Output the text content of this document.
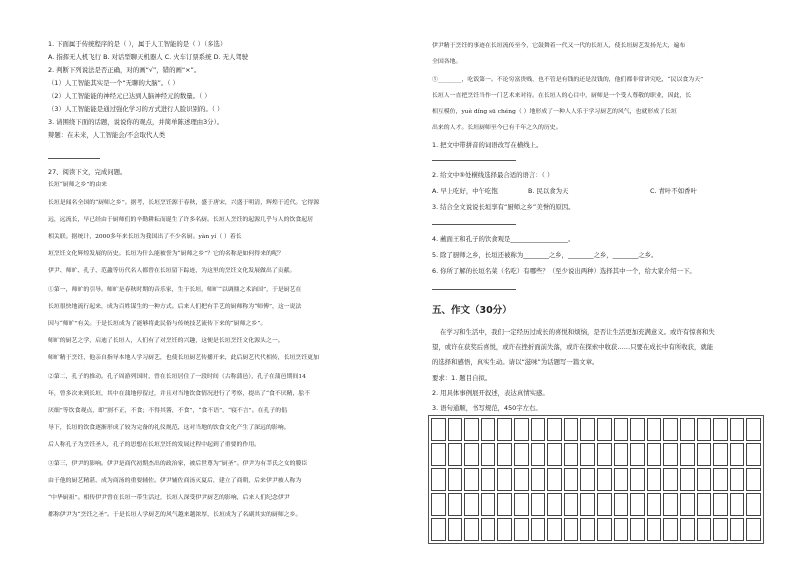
1. 下面属于传统程序的是（ ），属于人工智能的是（ ）（多选）
A. 指挥无人机飞行 B. 对话型聊天机器人 C. 火车订票系统 D. 无人驾驶
2. 判断下列说法是否正确，对的画“√”，错的画“×”。
（1）人工智能其实是一个“无聊的大脑”。（ ）
（2）人工智能能的神经元已达到人脑神经元的数量。（ ）
（3）人工智能能是通过强化学习的方式进行人脸识别的。（ ）
3. 请围绕下面的话题，说说你的观点，并简单陈述理由3分）。
辩题：在未来，人工智能会/不会取代人类
27、阅读下文，完成问题。
长垣“厨师之乡”的由来
长垣是闻名全国的“厨师之乡”。据考，长垣烹饪源于春秋，盛于唐宋，兴盛于明清，辉煌于近代。它得源
远，远流长，早已经由于厨师们的辛勤耕耘而诞生了许多名厨。长垣人烹饪的起源几乎与人的饮食起居
相关联。据统计，2000多年来长垣为我国出了不少名厨。yàn yí（ ）着长
垣烹饪文化辉煌发展的历史。长垣为什么能被誉为“厨师之乡”？它的名称是如何得来的呢？
伊尹、师旷、孔子、范蠡等历代名人都曾在长垣留下踪迹，为这里的烹饪文化发展做出了贡献。
①第一，师旷的引导。师旷是春秋时期的音乐家，生于长垣，师旷“以调鼎之术治国”，于是厨艺在
长垣很快地流行起来，成为百姓谋生的一种方式。后来人们把有手艺的厨师称为“师傅”，这一说法
因与“师旷”有关。于是长垣成为了能够将此民俗与传统技艺流传下来的“厨师之乡”。
师旷的厨艺之学，启迪了长垣人，人们有了对烹饪的兴趣，这便是长垣烹饪文化源头之一。
师旷精于烹饪，他亲自指导本地人学习厨艺，也使长垣厨艺传播开来，此后厨艺代代相传，长垣烹饪更加
②第二，孔子的推动。孔子周游列国时，曾在长垣居住了一段时间（古称蒲邑），孔子在蒲邑期间14
年，曾多次来到长垣，其中在蒲地停留过，并且对当地饮食情况进行了考察，提出了“食不厌精，脍不
厌细”等饮食观点，即“割不正，不食；不得其酱，不食”，“食不语”，“寝不言”。在孔子的倡
导下，长垣的饮食逐渐形成了较为完备的礼仪规范，这对当地的饮食文化产生了深远的影响。
后人称孔子为烹饪圣人，孔子的思想在长垣烹饪的发展过程中起到了重要的作用。
③第三，伊尹的影响。伊尹是商代初期杰出的政治家，被后世尊为“厨圣”。伊尹为有莘氏之女的媵臣
由于他的厨艺精湛，成为商汤的重要辅佐。伊尹辅佐商汤灭夏后，建立了商朝，后来伊尹被人称为
“中华厨祖”。相传伊尹曾在长垣一带生活过，长垣人深受伊尹厨艺的影响，后来人们纪念伊尹
都称伊尹为“烹饪之圣”。于是长垣人学厨艺的风气越来越浓厚，长垣成为了名副其实的厨师之乡。
伊尹精于烹饪的事迹在长垣流传至今，它鼓舞着一代又一代的长垣人，使长垣厨艺发扬光大，遍布
全国各地。
⑤________，吃饭第一。不论穷富贵贱，也不管是有钱的还是没钱的，他们都非常讲究吃，“民以食为天”
长垣人一直把烹饪当作一门艺术来对待。在长垣人的心目中，厨师是一个受人尊敬的职业，因此，长
相互模仿，yuè dǐng sū chéng（ ）地形成了一种人人乐于学习厨艺的风气，也就形成了长垣
出来的人才。长垣厨师至今已有千年之久的历史。
1. 把文中带拼音的词语改写在横线上。
2. 给文中⑤处横线选择最合适的语言：（ ）
A. 早上吃好，中午吃饱	B. 民以食为天	C. 青叶不如香叶
3. 结合全文说说长垣享有“厨师之乡”美誉的原因。
4. 蘸面王和孔子的饮食观是__________________。
5. 除了厨师之乡，长垣还被称为________之乡，________之乡，________之乡。
6. 你所了解的长垣名菜（名吃）有哪些？（至少说出两种）选择其中一个，给大家介绍一下。
五、作文（30分）
在学习和生活中，我们一定经历过成长的喜悦和烦恼，是否让生活更加充满意义。或许有惊喜和失
望，或许在获奖后喜悦，或许在挫折面前失落，或许在探索中收获……只要在成长中有所收获，就能
的选择和感悟，真实生动。请以“滋味”为话题写一篇文章。
要求：1. 题目自拟。
2. 用具体事例展开叙述，表达真情实感。
3. 语句通顺，书写规范，450字左右。
